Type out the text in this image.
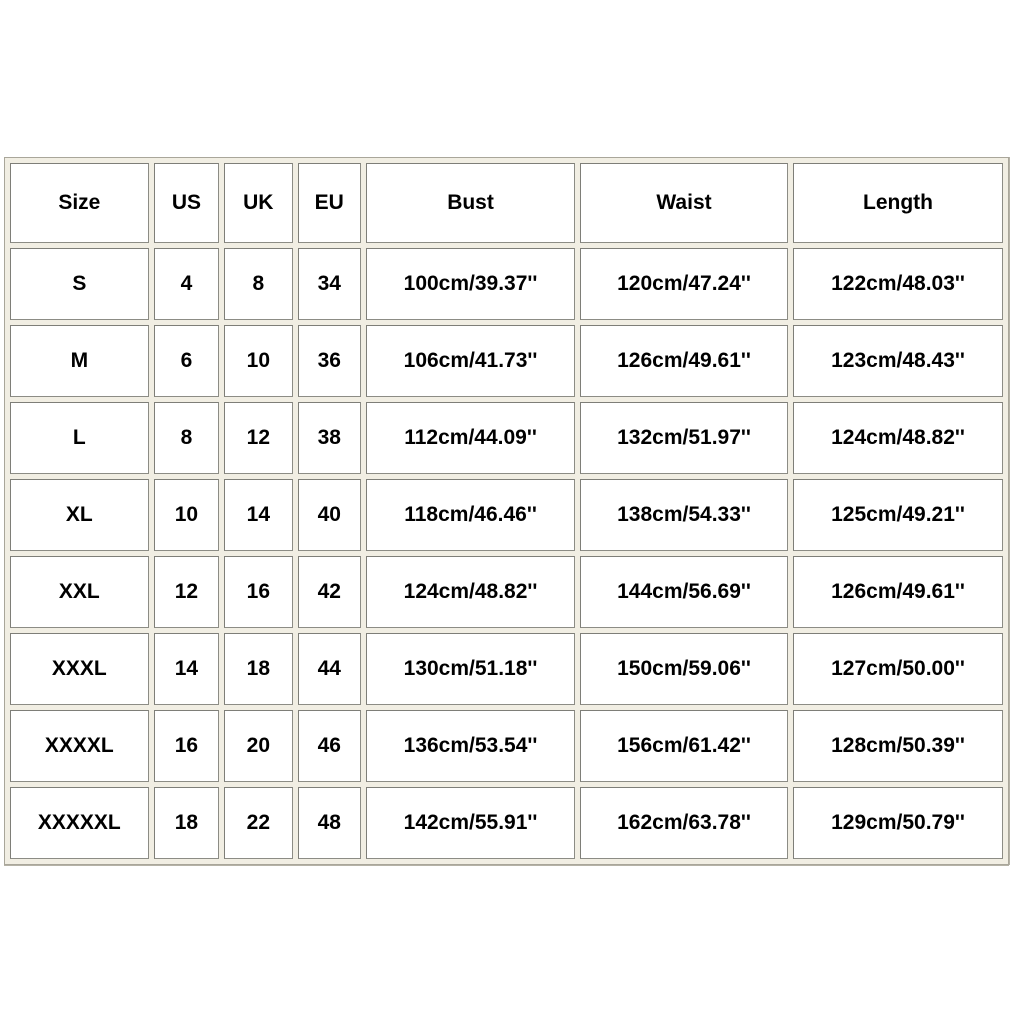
Size	US	UK	EU	Bust	Waist	Length
S	4	8	34	100cm/39.37''	120cm/47.24''	122cm/48.03''
M	6	10	36	106cm/41.73''	126cm/49.61''	123cm/48.43''
L	8	12	38	112cm/44.09''	132cm/51.97''	124cm/48.82''
XL	10	14	40	118cm/46.46''	138cm/54.33''	125cm/49.21''
XXL	12	16	42	124cm/48.82''	144cm/56.69''	126cm/49.61''
XXXL	14	18	44	130cm/51.18''	150cm/59.06''	127cm/50.00''
XXXXL	16	20	46	136cm/53.54''	156cm/61.42''	128cm/50.39''
XXXXXL	18	22	48	142cm/55.91''	162cm/63.78''	129cm/50.79''
